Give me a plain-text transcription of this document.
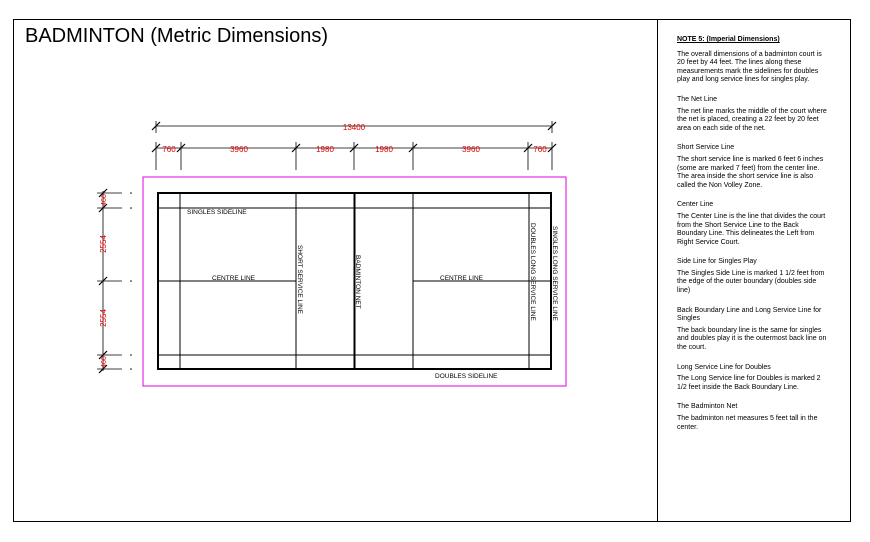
BADMINTON (Metric Dimensions)	NOTE 5: (Imperial Dimensions)
The overall dimensions of a badminton court is 20 feet by 44 feet. The lines along these measurements mark the sidelines for doubles play and long service lines for singles play.
The Net Line
The net line marks the middle of the court where the net is placed, creating a 22 feet by 20 feet area on each side of the net.
Short Service Line
The short service line is marked 6 feet 6 inches (some are marked 7 feet) from the center line. The area inside the short service line is also called the Non Volley Zone.
Center Line
The Center Line is the line that divides the court from the Short Service Line to the Back Boundary Line. This delineates the Left from Right Service Court.
Side Line for Singles Play
The Singles Side Line is marked 1 1/2 feet from the edge of the outer boundary (doubles side line)
Back Boundary Line and Long Service Line for Singles
The back boundary line is the same for singles and doubles play it is the outermost back line on the court.
Long Service Line for Doubles
The Long Service line for Doubles is marked 2 1/2 feet inside the Back Boundary Line.
The Badminton Net
The badminton net measures 5 feet tall in the center.
13400
760	3960	1980	1980	3960	760
460
2554
2554
460
SINGLES SIDELINE
DOUBLES SIDELINE
CENTRE LINE	CENTRE LINE
SHORT SERVICE LINE	BADMINTON NET	DOUBLES LONG SERVICE LINE SINGLES LONG SERVICE LINE
